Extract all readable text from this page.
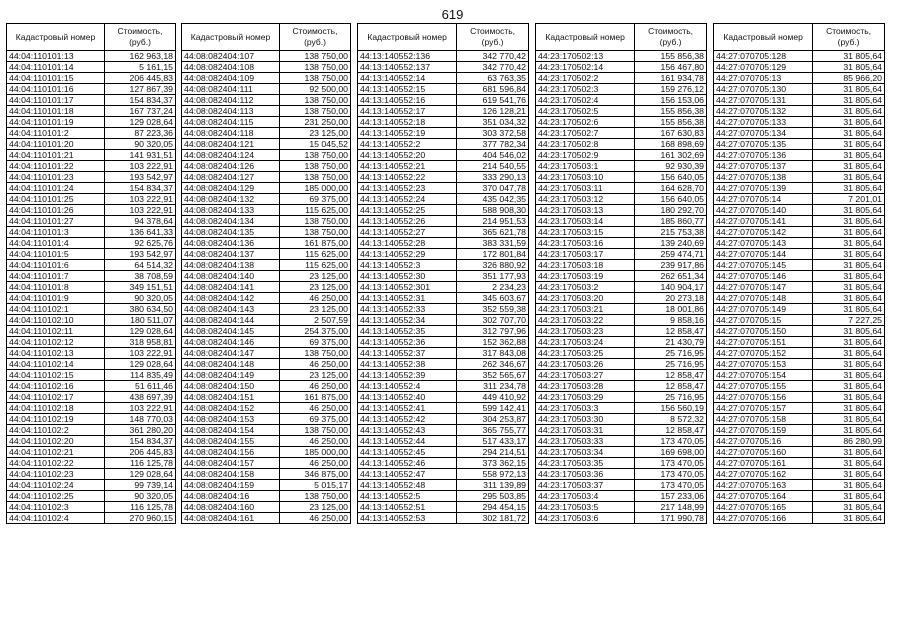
619
Кадастровый номер	Стоимость, (руб.)
44:04:110101:13	162 963,18
44:04:110101:14	5 161,15
44:04:110101:15	206 445,83
44:04:110101:16	127 867,39
44:04:110101:17	154 834,37
44:04:110101:18	167 737,24
44:04:110101:19	129 028,64
44:04:110101:2	87 223,36
44:04:110101:20	90 320,05
44:04:110101:21	141 931,51
44:04:110101:22	103 222,91
44:04:110101:23	193 542,97
44:04:110101:24	154 834,37
44:04:110101:25	103 222,91
44:04:110101:26	103 222,91
44:04:110101:27	94 378,64
44:04:110101:3	136 641,33
44:04:110101:4	92 625,76
44:04:110101:5	193 542,97
44:04:110101:6	64 514,32
44:04:110101:7	38 708,59
44:04:110101:8	349 151,51
44:04:110101:9	90 320,05
44:04:110102:1	380 634,50
44:04:110102:10	180 511,07
44:04:110102:11	129 028,64
44:04:110102:12	318 958,81
44:04:110102:13	103 222,91
44:04:110102:14	129 028,64
44:04:110102:15	114 835,49
44:04:110102:16	51 611,46
44:04:110102:17	438 697,39
44:04:110102:18	103 222,91
44:04:110102:19	148 770,03
44:04:110102:2	361 280,20
44:04:110102:20	154 834,37
44:04:110102:21	206 445,83
44:04:110102:22	116 125,78
44:04:110102:23	129 028,64
44:04:110102:24	99 739,14
44:04:110102:25	90 320,05
44:04:110102:3	116 125,78
44:04:110102:4	270 960,15
Кадастровый номер	Стоимость, (руб.)
44:08:082404:107	138 750,00
44:08:082404:108	138 750,00
44:08:082404:109	138 750,00
44:08:082404:111	92 500,00
44:08:082404:112	138 750,00
44:08:082404:113	138 750,00
44:08:082404:115	231 250,00
44:08:082404:118	23 125,00
44:08:082404:121	15 045,52
44:08:082404:124	138 750,00
44:08:082404:126	138 750,00
44:08:082404:127	138 750,00
44:08:082404:129	185 000,00
44:08:082404:132	69 375,00
44:08:082404:133	115 625,00
44:08:082404:134	138 750,00
44:08:082404:135	138 750,00
44:08:082404:136	161 875,00
44:08:082404:137	115 625,00
44:08:082404:138	115 625,00
44:08:082404:140	23 125,00
44:08:082404:141	23 125,00
44:08:082404:142	46 250,00
44:08:082404:143	23 125,00
44:08:082404:144	2 507,59
44:08:082404:145	254 375,00
44:08:082404:146	69 375,00
44:08:082404:147	138 750,00
44:08:082404:148	46 250,00
44:08:082404:149	23 125,00
44:08:082404:150	46 250,00
44:08:082404:151	161 875,00
44:08:082404:152	46 250,00
44:08:082404:153	69 375,00
44:08:082404:154	138 750,00
44:08:082404:155	46 250,00
44:08:082404:156	185 000,00
44:08:082404:157	46 250,00
44:08:082404:158	346 875,00
44:08:082404:159	5 015,17
44:08:082404:16	138 750,00
44:08:082404:160	23 125,00
44:08:082404:161	46 250,00
Кадастровый номер	Стоимость, (руб.)
44:13:140552:136	342 770,42
44:13:140552:137	342 770,42
44:13:140552:14	63 763,35
44:13:140552:15	681 596,84
44:13:140552:16	619 541,76
44:13:140552:17	126 128,21
44:13:140552:18	351 034,32
44:13:140552:19	303 372,58
44:13:140552:2	377 782,34
44:13:140552:20	404 546,02
44:13:140552:21	214 540,55
44:13:140552:22	333 290,13
44:13:140552:23	370 047,78
44:13:140552:24	435 042,35
44:13:140552:25	588 908,30
44:13:140552:26	214 951,53
44:13:140552:27	365 621,78
44:13:140552:28	383 331,59
44:13:140552:29	172 801,84
44:13:140552:3	326 880,92
44:13:140552:30	351 177,93
44:13:140552:301	2 234,23
44:13:140552:31	345 603,67
44:13:140552:33	352 559,38
44:13:140552:34	302 707,70
44:13:140552:35	312 797,96
44:13:140552:36	152 362,88
44:13:140552:37	317 843,08
44:13:140552:38	262 346,67
44:13:140552:39	352 565,67
44:13:140552:4	311 234,78
44:13:140552:40	449 410,92
44:13:140552:41	599 142,41
44:13:140552:42	304 253,87
44:13:140552:43	365 755,77
44:13:140552:44	517 433,17
44:13:140552:45	294 214,51
44:13:140552:46	373 362,15
44:13:140552:47	558 972,13
44:13:140552:48	311 139,89
44:13:140552:5	295 503,85
44:13:140552:51	294 454,15
44:13:140552:53	302 181,72
Кадастровый номер	Стоимость, (руб.)
44:23:170502:13	155 856,38
44:23:170502:14	156 467,80
44:23:170502:2	161 934,78
44:23:170502:3	159 276,12
44:23:170502:4	156 153,06
44:23:170502:5	155 856,38
44:23:170502:6	155 856,38
44:23:170502:7	167 630,83
44:23:170502:8	168 898,69
44:23:170502:9	161 302,69
44:23:170503:1	92 930,39
44:23:170503:10	156 640,05
44:23:170503:11	164 628,70
44:23:170503:12	156 640,05
44:23:170503:13	180 292,70
44:23:170503:14	185 860,77
44:23:170503:15	215 753,38
44:23:170503:16	139 240,69
44:23:170503:17	259 474,71
44:23:170503:18	239 917,86
44:23:170503:19	262 651,34
44:23:170503:2	140 904,17
44:23:170503:20	20 273,18
44:23:170503:21	18 001,86
44:23:170503:22	9 858,16
44:23:170503:23	12 858,47
44:23:170503:24	21 430,79
44:23:170503:25	25 716,95
44:23:170503:26	25 716,95
44:23:170503:27	12 858,47
44:23:170503:28	12 858,47
44:23:170503:29	25 716,95
44:23:170503:3	156 560,19
44:23:170503:30	8 572,32
44:23:170503:31	12 858,47
44:23:170503:33	173 470,05
44:23:170503:34	169 698,00
44:23:170503:35	173 470,05
44:23:170503:36	173 470,05
44:23:170503:37	173 470,05
44:23:170503:4	157 233,06
44:23:170503:5	217 148,99
44:23:170503:6	171 990,78
Кадастровый номер	Стоимость, (руб.)
44:27:070705:128	31 805,64
44:27:070705:129	31 805,64
44:27:070705:13	85 966,20
44:27:070705:130	31 805,64
44:27:070705:131	31 805,64
44:27:070705:132	31 805,64
44:27:070705:133	31 805,64
44:27:070705:134	31 805,64
44:27:070705:135	31 805,64
44:27:070705:136	31 805,64
44:27:070705:137	31 805,64
44:27:070705:138	31 805,64
44:27:070705:139	31 805,64
44:27:070705:14	7 201,01
44:27:070705:140	31 805,64
44:27:070705:141	31 805,64
44:27:070705:142	31 805,64
44:27:070705:143	31 805,64
44:27:070705:144	31 805,64
44:27:070705:145	31 805,64
44:27:070705:146	31 805,64
44:27:070705:147	31 805,64
44:27:070705:148	31 805,64
44:27:070705:149	31 805,64
44:27:070705:15	7 227,25
44:27:070705:150	31 805,64
44:27:070705:151	31 805,64
44:27:070705:152	31 805,64
44:27:070705:153	31 805,64
44:27:070705:154	31 805,64
44:27:070705:155	31 805,64
44:27:070705:156	31 805,64
44:27:070705:157	31 805,64
44:27:070705:158	31 805,64
44:27:070705:159	31 805,64
44:27:070705:16	86 280,99
44:27:070705:160	31 805,64
44:27:070705:161	31 805,64
44:27:070705:162	31 805,64
44:27:070705:163	31 805,64
44:27:070705:164	31 805,64
44:27:070705:165	31 805,64
44:27:070705:166	31 805,64
